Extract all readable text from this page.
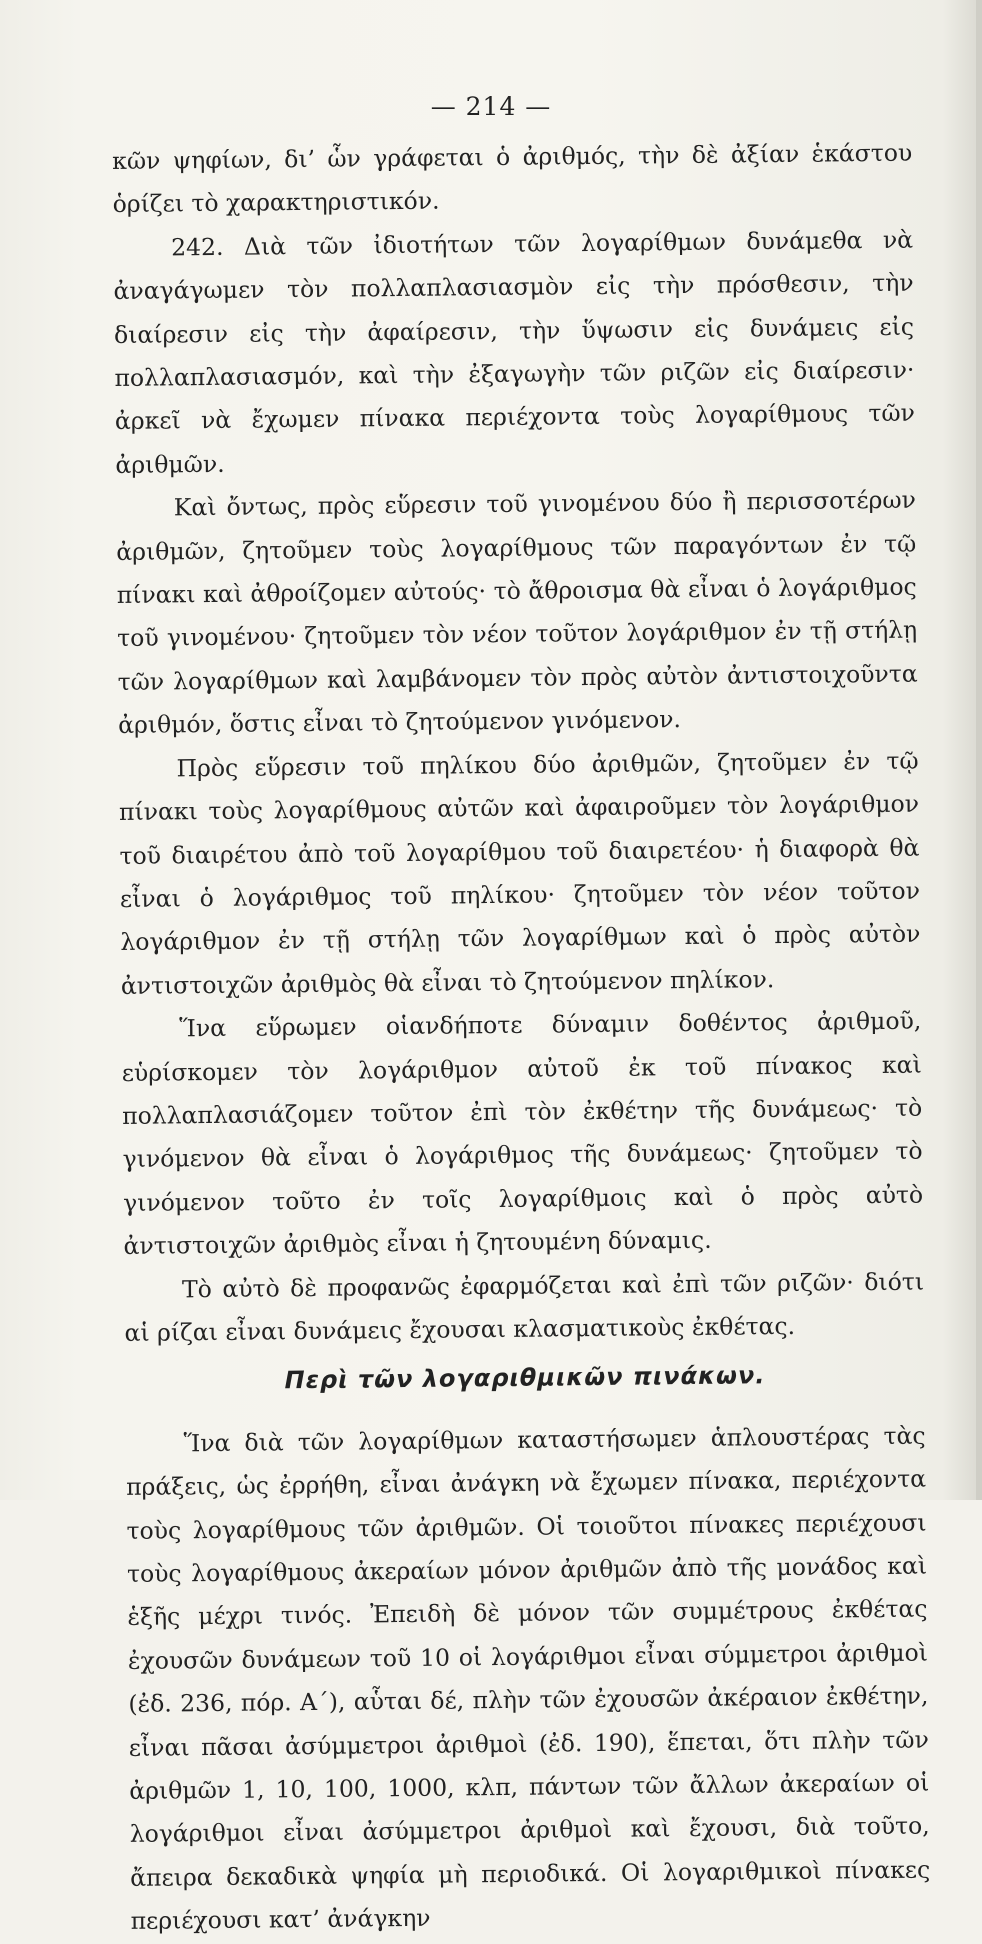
— 214 —

κῶν ψηφίων, δι’ ὧν γράφεται ὁ ἀριθμός, τὴν δὲ ἀξίαν ἑκάστου ὁρίζει τὸ χαρακτηριστικόν.

242. Διὰ τῶν ἰδιοτήτων τῶν λογαρίθμων δυνάμεθα νὰ ἀναγάγωμεν τὸν πολλαπλασιασμὸν εἰς τὴν πρόσθεσιν, τὴν διαίρεσιν εἰς τὴν ἀφαίρεσιν, τὴν ὕψωσιν εἰς δυνάμεις εἰς πολλαπλασιασμόν, καὶ τὴν ἐξαγωγὴν τῶν ριζῶν εἰς διαίρεσιν· ἀρκεῖ νὰ ἔχωμεν πίνακα περιέχοντα τοὺς λογαρίθμους τῶν ἀριθμῶν.

Καὶ ὄντως, πρὸς εὕρεσιν τοῦ γινομένου δύο ἢ περισσοτέρων ἀριθμῶν, ζητοῦμεν τοὺς λογαρίθμους τῶν παραγόντων ἐν τῷ πίνακι καὶ ἀθροίζομεν αὐτούς· τὸ ἄθροισμα θὰ εἶναι ὁ λογάριθμος τοῦ γινομένου· ζητοῦμεν τὸν νέον τοῦτον λογάριθμον ἐν τῇ στήλῃ τῶν λογαρίθμων καὶ λαμβάνομεν τὸν πρὸς αὐτὸν ἀντιστοιχοῦντα ἀριθμόν, ὅστις εἶναι τὸ ζητούμενον γινόμενον.

Πρὸς εὕρεσιν τοῦ πηλίκου δύο ἀριθμῶν, ζητοῦμεν ἐν τῷ πίνακι τοὺς λογαρίθμους αὐτῶν καὶ ἀφαιροῦμεν τὸν λογάριθμον τοῦ διαιρέτου ἀπὸ τοῦ λογαρίθμου τοῦ διαιρετέου· ἡ διαφορὰ θὰ εἶναι ὁ λογάριθμος τοῦ πηλίκου· ζητοῦμεν τὸν νέον τοῦτον λογάριθμον ἐν τῇ στήλῃ τῶν λογαρίθμων καὶ ὁ πρὸς αὐτὸν ἀντιστοιχῶν ἀριθμὸς θὰ εἶναι τὸ ζητούμενον πηλίκον.

Ἵνα εὕρωμεν οἱανδήποτε δύναμιν δοθέντος ἀριθμοῦ, εὑρίσκομεν τὸν λογάριθμον αὐτοῦ ἐκ τοῦ πίνακος καὶ πολλαπλασιάζομεν τοῦτον ἐπὶ τὸν ἐκθέτην τῆς δυνάμεως· τὸ γινόμενον θὰ εἶναι ὁ λογάριθμος τῆς δυνάμεως· ζητοῦμεν τὸ γινόμενον τοῦτο ἐν τοῖς λογαρίθμοις καὶ ὁ πρὸς αὐτὸ ἀντιστοιχῶν ἀριθμὸς εἶναι ἡ ζητουμένη δύναμις.

Τὸ αὐτὸ δὲ προφανῶς ἐφαρμόζεται καὶ ἐπὶ τῶν ριζῶν· διότι αἱ ρίζαι εἶναι δυνάμεις ἔχουσαι κλασματικοὺς ἐκθέτας.

Περὶ τῶν λογαριθμικῶν πινάκων.

Ἵνα διὰ τῶν λογαρίθμων καταστήσωμεν ἁπλουστέρας τὰς πράξεις, ὡς ἐρρήθη, εἶναι ἀνάγκη νὰ ἔχωμεν πίνακα, περιέχοντα τοὺς λογαρίθμους τῶν ἀριθμῶν. Οἱ τοιοῦτοι πίνακες περιέχουσι τοὺς λογαρίθμους ἀκεραίων μόνον ἀριθμῶν ἀπὸ τῆς μονάδος καὶ ἑξῆς μέχρι τινός. Ἐπειδὴ δὲ μόνον τῶν συμμέτρους ἐκθέτας ἐχουσῶν δυνάμεων τοῦ 10 οἱ λογάριθμοι εἶναι σύμμετροι ἀριθμοὶ (ἐδ. 236, πόρ. Α΄), αὗται δέ, πλὴν τῶν ἐχουσῶν ἀκέραιον ἐκθέτην, εἶναι πᾶσαι ἀσύμμετροι ἀριθμοὶ (ἐδ. 190), ἕπεται, ὅτι πλὴν τῶν ἀριθμῶν 1, 10, 100, 1000, κλπ, πάντων τῶν ἄλλων ἀκεραίων οἱ λογάριθμοι εἶναι ἀσύμμετροι ἀριθμοὶ καὶ ἔχουσι, διὰ τοῦτο, ἄπειρα δεκαδικὰ ψηφία μὴ περιοδικά. Οἱ λογαριθμικοὶ πίνακες περιέχουσι κατ’ ἀνάγκην
